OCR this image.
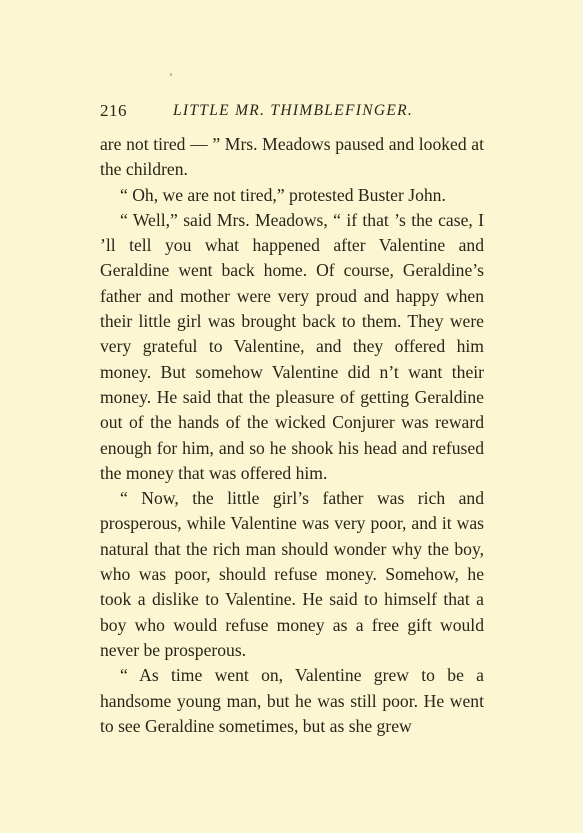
216	LITTLE MR. THIMBLEFINGER.

are not tired — ” Mrs. Meadows paused and looked at the children.

“ Oh, we are not tired,” protested Buster John.

“ Well,” said Mrs. Meadows, “ if that ’s the case, I ’ll tell you what happened after Valentine and Geraldine went back home. Of course, Geraldine’s father and mother were very proud and happy when their little girl was brought back to them. They were very grateful to Valentine, and they offered him money. But somehow Valentine did n’t want their money. He said that the pleasure of getting Geraldine out of the hands of the wicked Conjurer was reward enough for him, and so he shook his head and refused the money that was offered him.

“ Now, the little girl’s father was rich and prosperous, while Valentine was very poor, and it was natural that the rich man should wonder why the boy, who was poor, should refuse money. Somehow, he took a dislike to Valentine. He said to himself that a boy who would refuse money as a free gift would never be prosperous.

“ As time went on, Valentine grew to be a handsome young man, but he was still poor. He went to see Geraldine sometimes, but as she grew
